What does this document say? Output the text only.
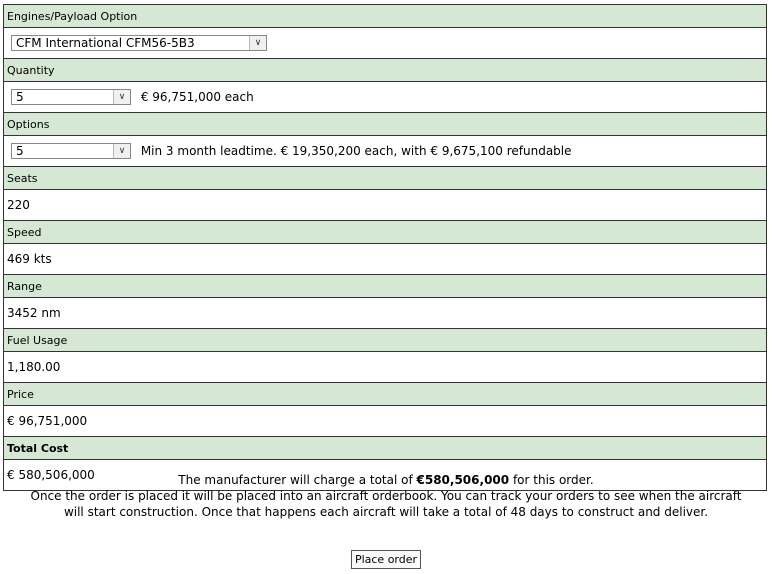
Engines/Payload Option
CFM International CFM56-5B3	∨

Quantity
5	∨	€ 96,751,000 each
Options
5	∨	Min 3 month leadtime. € 19,350,200 each, with € 9,675,100 refundable
Seats
220
Speed
469 kts
Range
3452 nm
Fuel Usage
1,180.00
Price
€ 96,751,000
Total Cost
€ 580,506,000	The manufacturer will charge a total of €580,506,000 for this order.
Once the order is placed it will be placed into an aircraft orderbook. You can track your orders to see when the aircraft will start construction. Once that happens each aircraft will take a total of 48 days to construct and deliver.
Place order
